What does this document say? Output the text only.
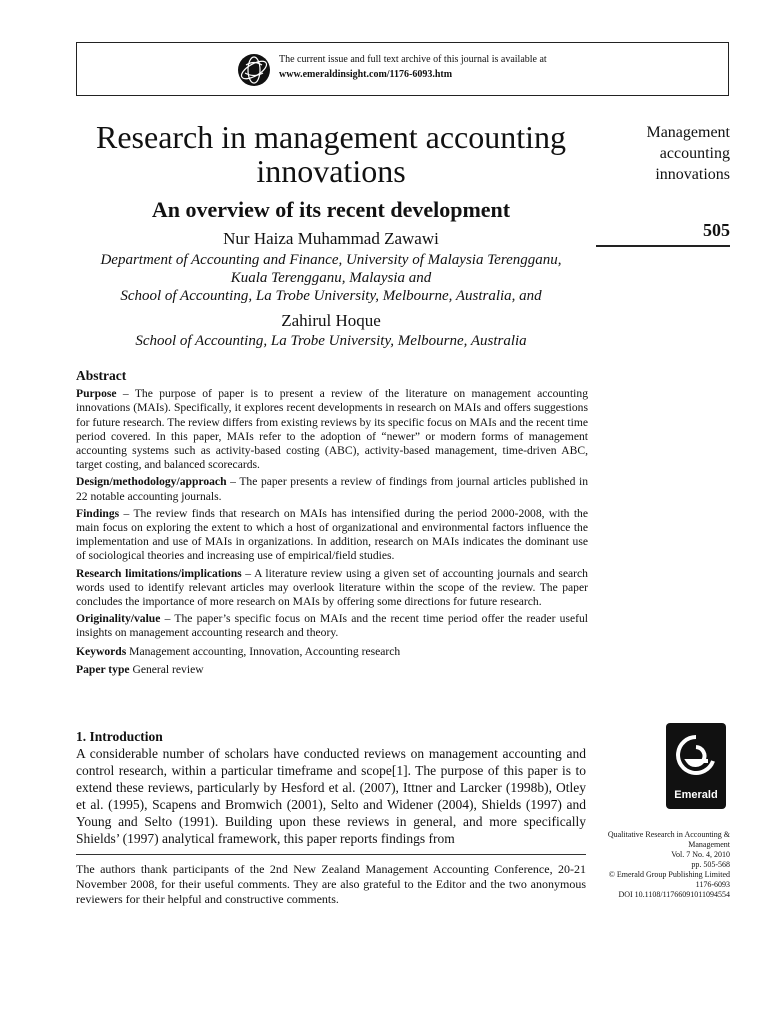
The current issue and full text archive of this journal is available at
www.emeraldinsight.com/1176-6093.htm
Research in management accounting innovations
An overview of its recent development
Nur Haiza Muhammad Zawawi
Department of Accounting and Finance, University of Malaysia Terengganu,
Kuala Terengganu, Malaysia and
School of Accounting, La Trobe University, Melbourne, Australia, and
Zahirul Hoque
School of Accounting, La Trobe University, Melbourne, Australia
Management
accounting
innovations
505
Abstract

Purpose – The purpose of paper is to present a review of the literature on management accounting innovations (MAIs). Specifically, it explores recent developments in research on MAIs and offers suggestions for future research. The review differs from existing reviews by its specific focus on MAIs and the recent time period covered. In this paper, MAIs refer to the adoption of “newer” or modern forms of management accounting systems such as activity-based costing (ABC), activity-based management, time-driven ABC, target costing, and balanced scorecards.

Design/methodology/approach – The paper presents a review of findings from journal articles published in 22 notable accounting journals.

Findings – The review finds that research on MAIs has intensified during the period 2000-2008, with the main focus on exploring the extent to which a host of organizational and environmental factors influence the implementation and use of MAIs in organizations. In addition, research on MAIs indicates the dominant use of sociological theories and increasing use of empirical/field studies.

Research limitations/implications – A literature review using a given set of accounting journals and search words used to identify relevant articles may overlook literature within the scope of the review. The paper concludes the importance of more research on MAIs by offering some directions for future research.

Originality/value – The paper’s specific focus on MAIs and the recent time period offer the reader useful insights on management accounting research and theory.

Keywords Management accounting, Innovation, Accounting research

Paper type General review

1. Introduction
A considerable number of scholars have conducted reviews on management accounting and control research, within a particular timeframe and scope[1]. The purpose of this paper is to extend these reviews, particularly by Hesford et al. (2007), Ittner and Larcker (1998b), Otley et al. (1995), Scapens and Bromwich (2001), Selto and Widener (2004), Shields (1997) and Young and Selto (1991). Building upon these reviews in general, and more specifically Shields’ (1997) analytical framework, this paper reports findings from
The authors thank participants of the 2nd New Zealand Management Accounting Conference, 20-21 November 2008, for their useful comments. They are also grateful to the Editor and the two anonymous reviewers for their helpful and constructive comments.
Emerald
Qualitative Research in Accounting &
Management
Vol. 7 No. 4, 2010
pp. 505-568
© Emerald Group Publishing Limited
1176-6093
DOI 10.1108/11766091011094554
